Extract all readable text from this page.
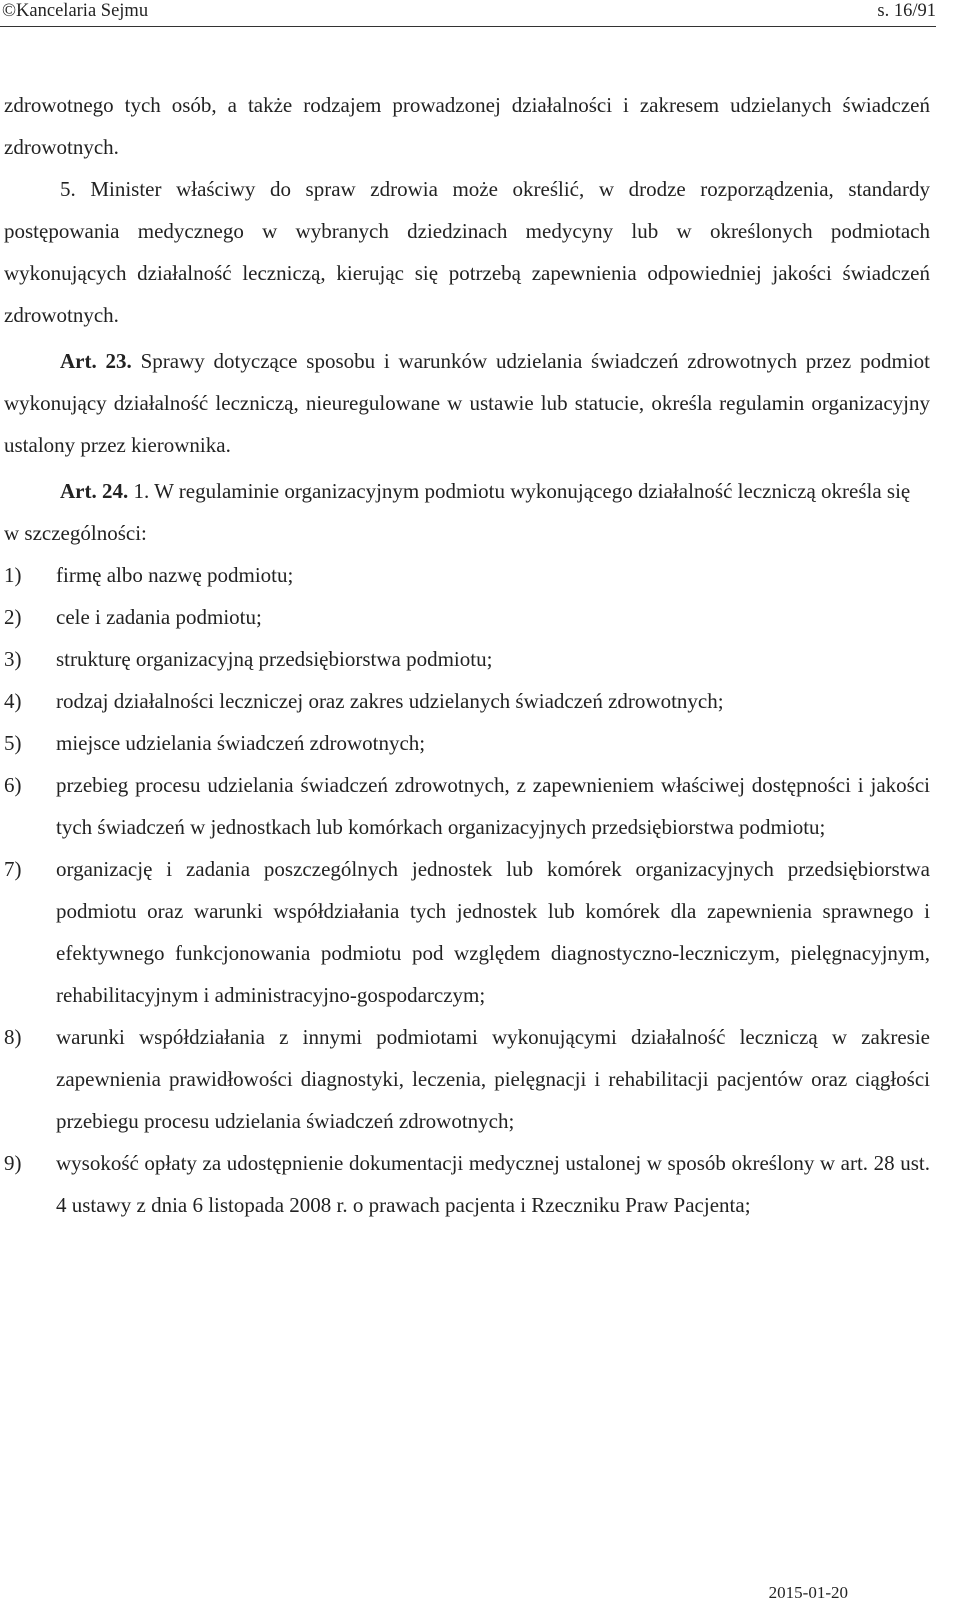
©Kancelaria Sejmu	s. 16/91

zdrowotnego tych osób, a także rodzajem prowadzonej działalności i zakresem udzielanych świadczeń zdrowotnych.

5. Minister właściwy do spraw zdrowia może określić, w drodze rozporządzenia, standardy postępowania medycznego w wybranych dziedzinach medycyny lub w określonych podmiotach wykonujących działalność leczniczą, kierując się potrzebą zapewnienia odpowiedniej jakości świadczeń zdrowotnych.

Art. 23. Sprawy dotyczące sposobu i warunków udzielania świadczeń zdrowotnych przez podmiot wykonujący działalność leczniczą, nieuregulowane w ustawie lub statucie, określa regulamin organizacyjny ustalony przez kierownika.

Art. 24. 1. W regulaminie organizacyjnym podmiotu wykonującego działalność leczniczą określa się w szczególności:

1) firmę albo nazwę podmiotu;
2) cele i zadania podmiotu;
3) strukturę organizacyjną przedsiębiorstwa podmiotu;
4) rodzaj działalności leczniczej oraz zakres udzielanych świadczeń zdrowotnych;
5) miejsce udzielania świadczeń zdrowotnych;
6) przebieg procesu udzielania świadczeń zdrowotnych, z zapewnieniem właściwej dostępności i jakości tych świadczeń w jednostkach lub komórkach organizacyjnych przedsiębiorstwa podmiotu;
7) organizację i zadania poszczególnych jednostek lub komórek organizacyjnych przedsiębiorstwa podmiotu oraz warunki współdziałania tych jednostek lub komórek dla zapewnienia sprawnego i efektywnego funkcjonowania podmiotu pod względem diagnostyczno-leczniczym, pielęgnacyjnym, rehabilitacyjnym i administracyjno-gospodarczym;
8) warunki współdziałania z innymi podmiotami wykonującymi działalność leczniczą w zakresie zapewnienia prawidłowości diagnostyki, leczenia, pielęgnacji i rehabilitacji pacjentów oraz ciągłości przebiegu procesu udzielania świadczeń zdrowotnych;
9) wysokość opłaty za udostępnienie dokumentacji medycznej ustalonej w sposób określony w art. 28 ust. 4 ustawy z dnia 6 listopada 2008 r. o prawach pacjenta i Rzeczniku Praw Pacjenta;
2015-01-20
